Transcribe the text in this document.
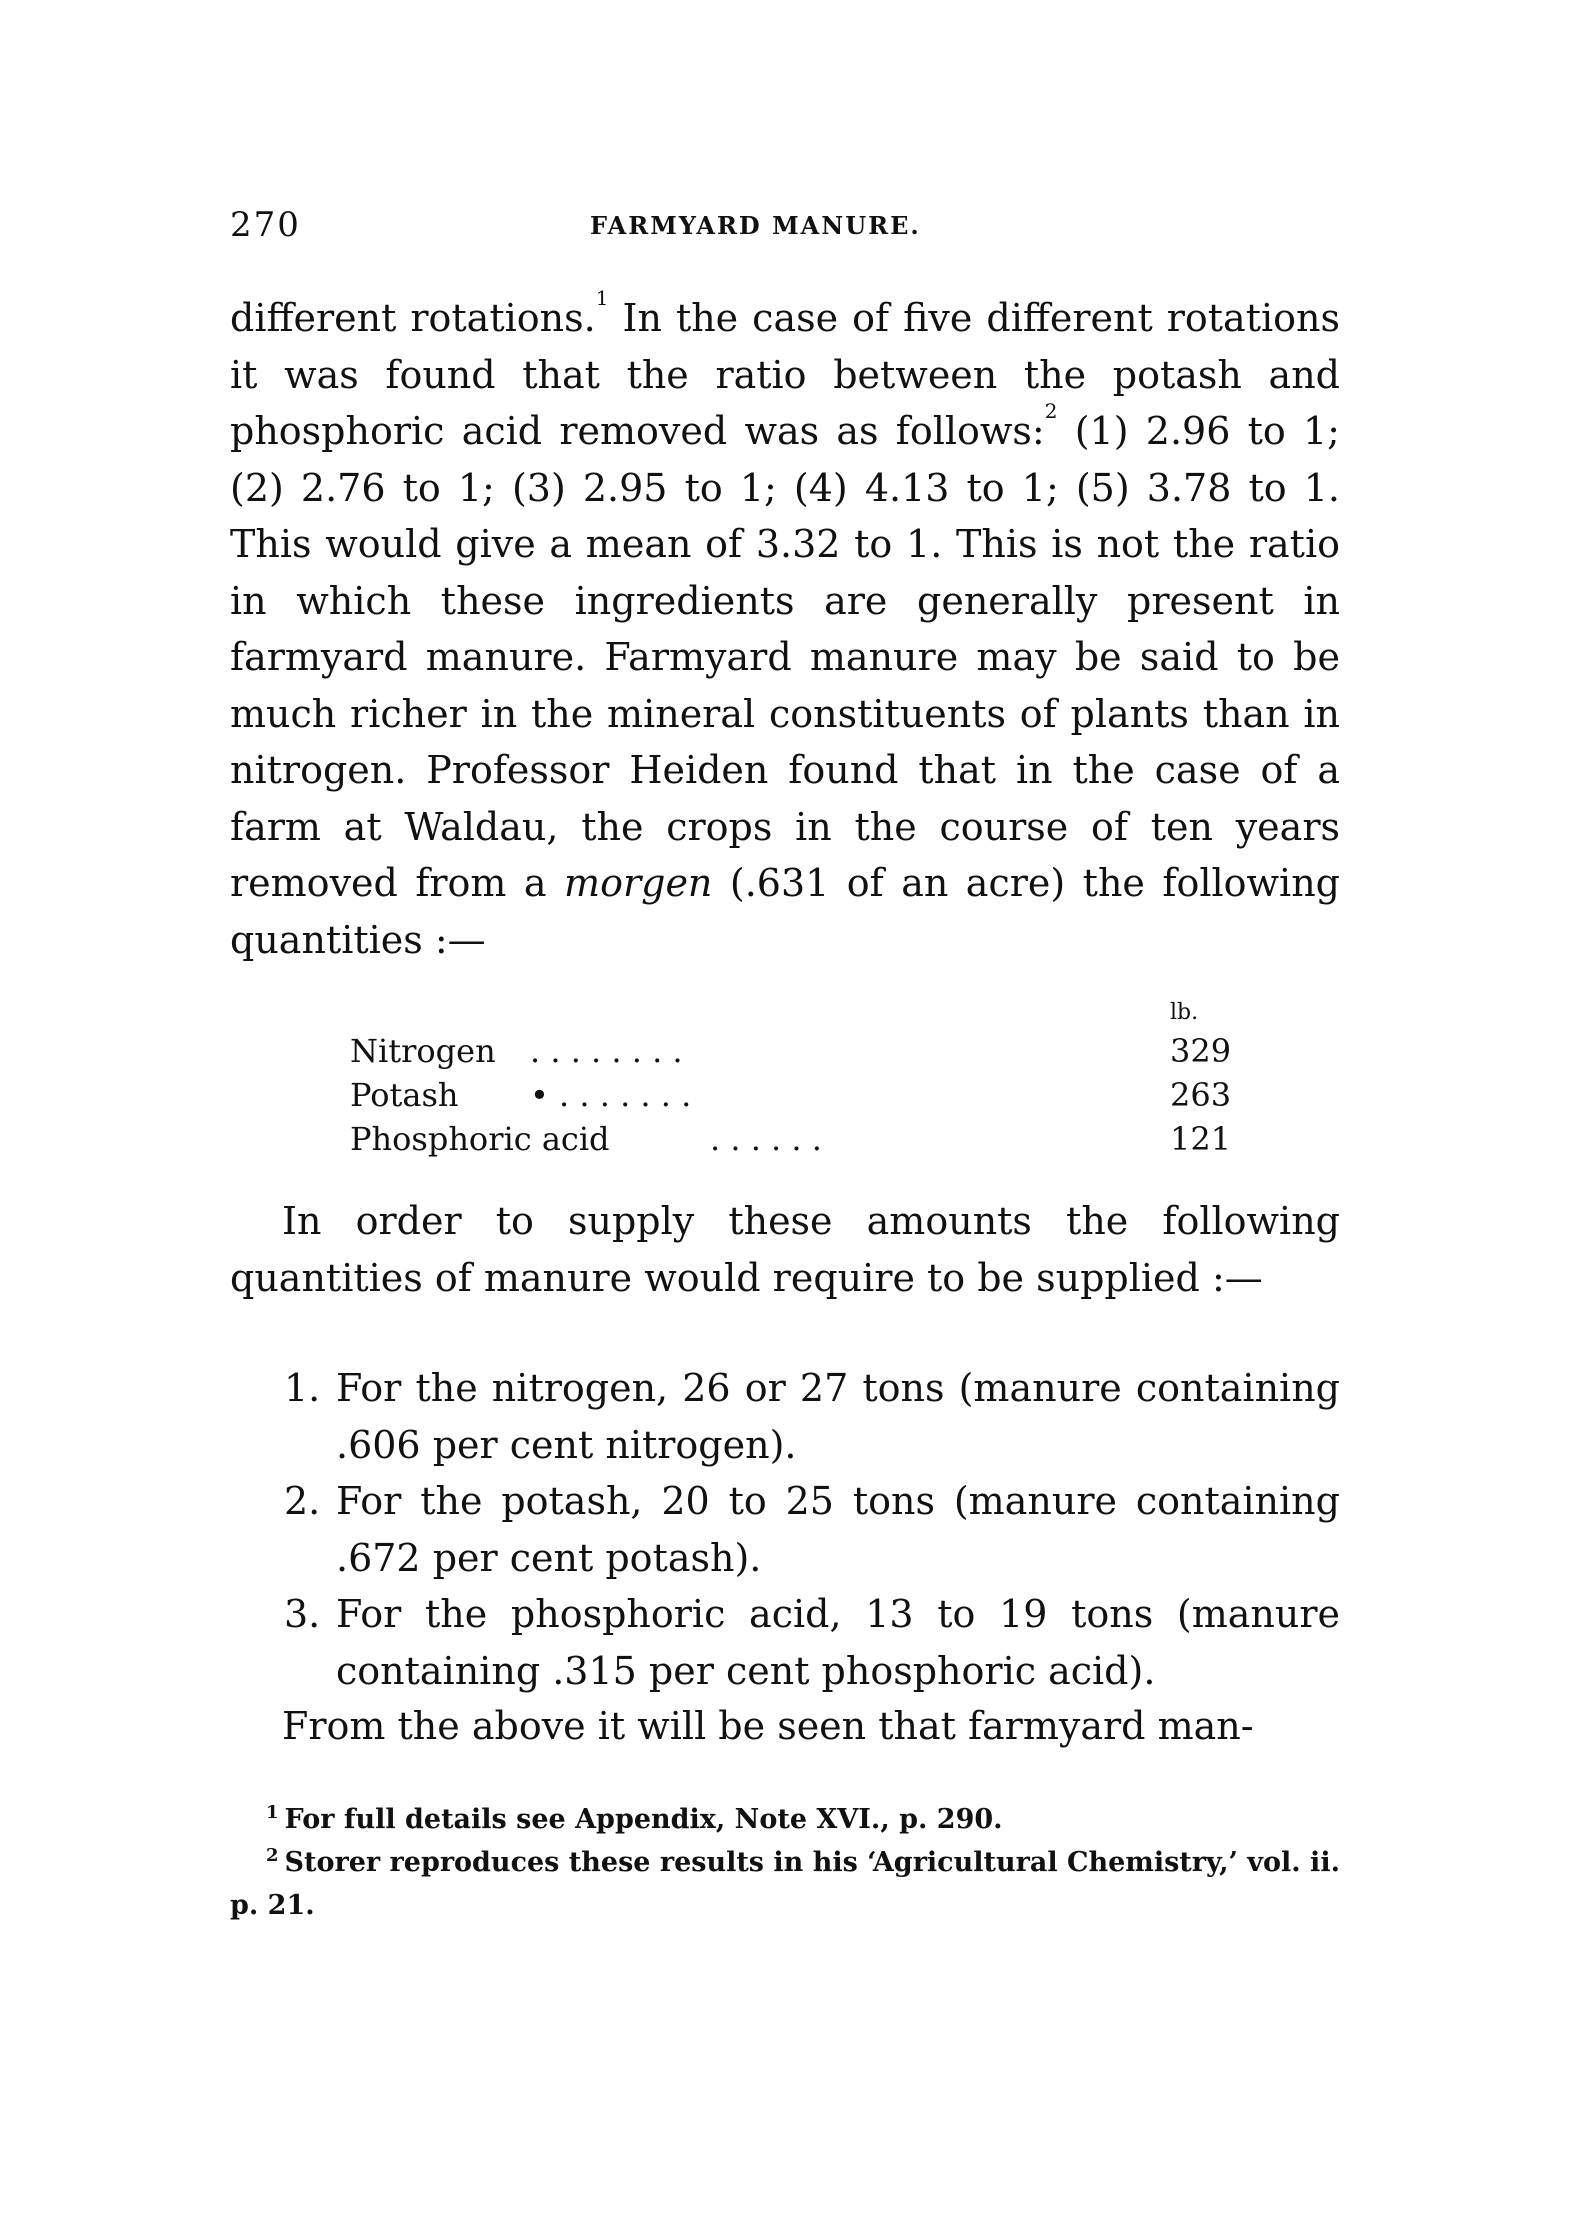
270	FARMYARD MANURE.

different rotations.$^1$ In the case of five different rotations it was found that the ratio between the potash and phosphoric acid removed was as follows:$^2$ (1) 2.96 to 1; (2) 2.76 to 1; (3) 2.95 to 1; (4) 4.13 to 1; (5) 3.78 to 1. This would give a mean of 3.32 to 1. This is not the ratio in which these ingredients are generally present in farmyard manure. Farmyard manure may be said to be much richer in the mineral constituents of plants than in nitrogen. Professor Heiden found that in the case of a farm at Waldau, the crops in the course of ten years removed from a morgen (.631 of an acre) the following quantities :—

lb.
Nitrogen . . . . . . . .	329
Potash • . . . . . . .	263
Phosphoric acid	. . . . . .	121

In order to supply these amounts the following quantities of manure would require to be supplied :—

1. For the nitrogen, 26 or 27 tons (manure containing .606 per cent nitrogen).

2. For the potash, 20 to 25 tons (manure containing .672 per cent potash).

3. For the phosphoric acid, 13 to 19 tons (manure containing .315 per cent phosphoric acid).

From the above it will be seen that farmyard man-

$^1$ For full details see Appendix, Note XVI., p. 290.

$^2$ Storer reproduces these results in his ‘Agricultural Chemistry,’ vol. ii. p. 21.
